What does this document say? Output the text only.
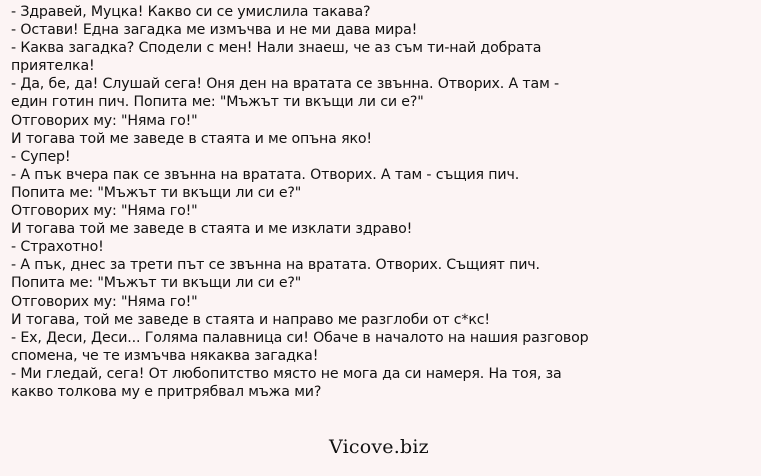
- Здравей, Муцка! Какво си се умислила такава?
- Остави! Една загадка ме измъчва и не ми дава мира!
- Каква загадка? Сподели с мен! Нали знаеш, че аз съм ти-най добрата
приятелка!
- Да, бе, да! Слушай сега! Оня ден на вратата се звънна. Отворих. А там -
един готин пич. Попита ме: "Мъжът ти вкъщи ли си е?"
Отговорих му: "Няма го!"
И тогава той ме заведе в стаята и ме опъна яко!
- Супер!
- А пък вчера пак се звънна на вратата. Отворих. А там - същия пич.
Попита ме: "Мъжът ти вкъщи ли си е?"
Отговорих му: "Няма го!"
И тогава той ме заведе в стаята и ме изклати здраво!
- Страхотно!
- А пък, днес за трети път се звънна на вратата. Отворих. Същият пич.
Попита ме: "Мъжът ти вкъщи ли си е?"
Отговорих му: "Няма го!"
И тогава, той ме заведе в стаята и направо ме разглоби от с*кс!
- Ех, Деси, Деси... Голяма палавница си! Обаче в началото на нашия разговор
спомена, че те измъчва някаква загадка!
- Ми гледай, сега! От любопитство място не мога да си намеря. На тоя, за
какво толкова му е притрябвал мъжа ми?
Vicove.biz
